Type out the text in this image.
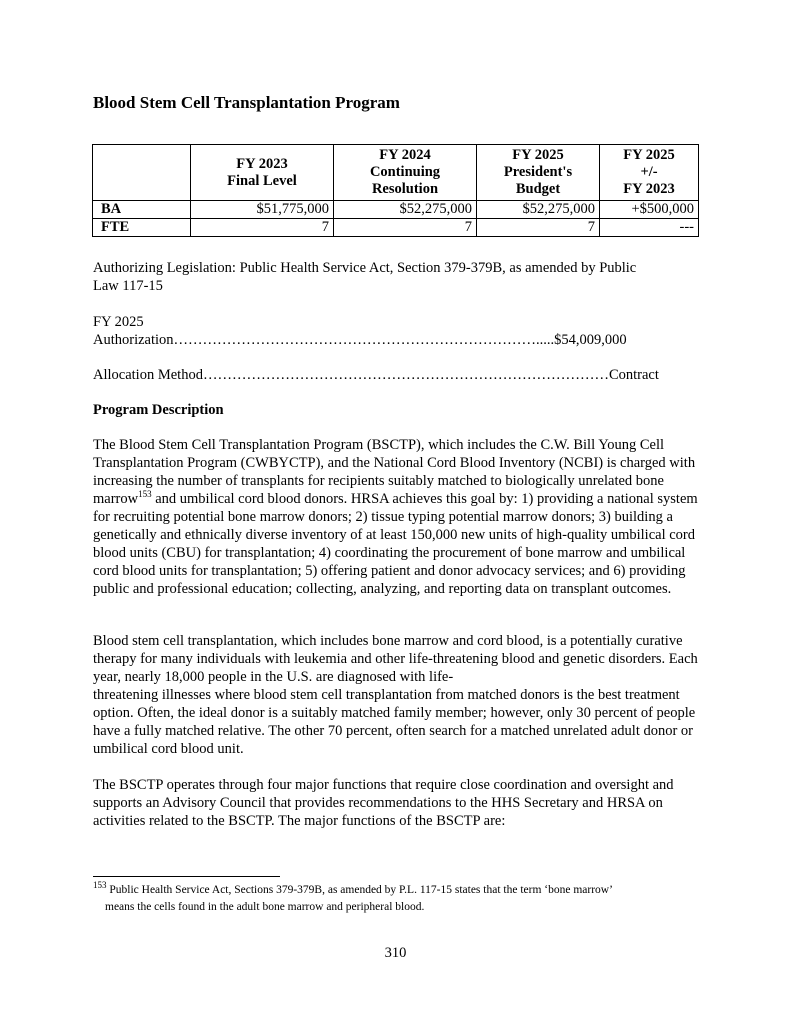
Blood Stem Cell Transplantation Program

	FY 2023
Final Level	FY 2024
Continuing
Resolution	FY 2025
President's
Budget	FY 2025
+/-
FY 2023

BA	$51,775,000	$52,275,000	$52,275,000	+$500,000
FTE	7	7	7	---

Authorizing Legislation: Public Health Service Act, Section 379-379B, as amended by Public
Law 117-15

FY 2025
Authorization………………………………………………………………….....$54,009,000

Allocation Method…………………………………………………………………………Contract

Program Description

The Blood Stem Cell Transplantation Program (BSCTP), which includes the C.W. Bill Young Cell Transplantation Program (CWBYCTP), and the National Cord Blood Inventory (NCBI) is charged with increasing the number of transplants for recipients suitably matched to biologically unrelated bone marrow$^{153}$ and umbilical cord blood donors. HRSA achieves this goal by: 1) providing a national system for recruiting potential bone marrow donors; 2) tissue typing potential marrow donors; 3) building a genetically and ethnically diverse inventory of at least 150,000 new units of high-quality umbilical cord blood units (CBU) for transplantation; 4) coordinating the procurement of bone marrow and umbilical cord blood units for transplantation; 5) offering patient and donor advocacy services; and 6) providing public and professional education; collecting, analyzing, and reporting data on transplant outcomes.

Blood stem cell transplantation, which includes bone marrow and cord blood, is a potentially curative therapy for many individuals with leukemia and other life-threatening blood and genetic disorders. Each year, nearly 18,000 people in the U.S. are diagnosed with life-
threatening illnesses where blood stem cell transplantation from matched donors is the best treatment option. Often, the ideal donor is a suitably matched family member; however, only 30 percent of people have a fully matched relative. The other 70 percent, often search for a matched unrelated adult donor or umbilical cord blood unit.

The BSCTP operates through four major functions that require close coordination and oversight and supports an Advisory Council that provides recommendations to the HHS Secretary and HRSA on activities related to the BSCTP. The major functions of the BSCTP are:

$^{153}$ Public Health Service Act, Sections 379-379B, as amended by P.L. 117-15 states that the term ‘bone marrow’
means the cells found in the adult bone marrow and peripheral blood.

310
